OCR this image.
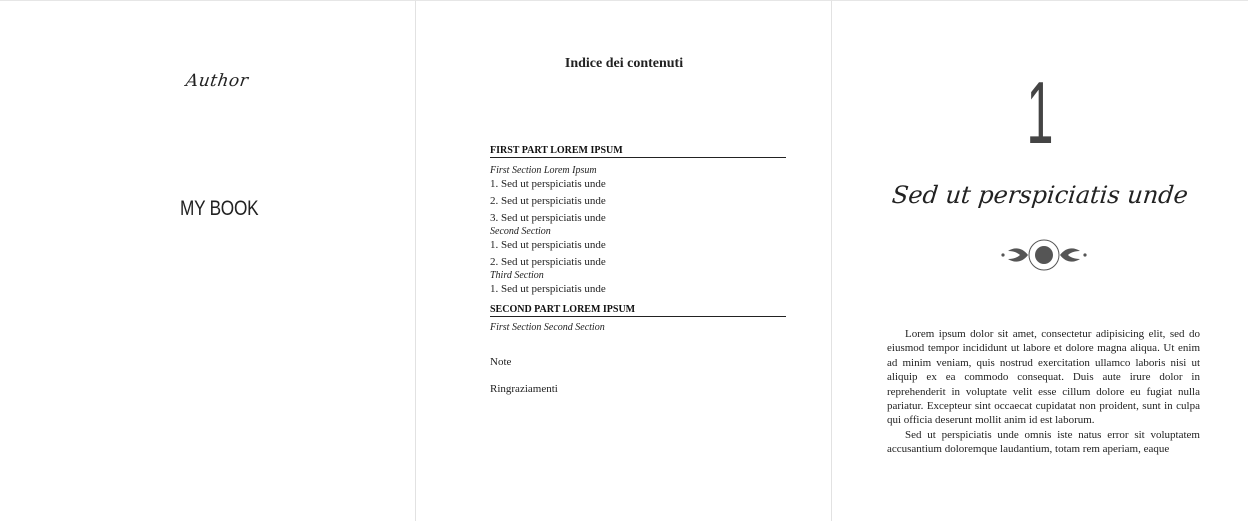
Author
MY BOOK
Indice dei contenuti
FIRST PART LOREM IPSUM
First Section Lorem Ipsum
1. Sed ut perspiciatis unde
2. Sed ut perspiciatis unde
3. Sed ut perspiciatis unde
Second Section
1. Sed ut perspiciatis unde
2. Sed ut perspiciatis unde
Third Section
1. Sed ut perspiciatis unde
SECOND PART LOREM IPSUM
First Section Second Section
Note
Ringraziamenti
1
Sed ut perspiciatis unde

Lorem ipsum dolor sit amet, consectetur adipisicing elit, sed do eiusmod tempor incididunt ut labore et dolore magna aliqua. Ut enim ad minim veniam, quis nostrud exercitation ullamco laboris nisi ut aliquip ex ea commodo consequat. Duis aute irure dolor in reprehenderit in voluptate velit esse cillum dolore eu fugiat nulla pariatur. Excepteur sint occaecat cupidatat non proident, sunt in culpa qui officia deserunt mollit anim id est laborum.

Sed ut perspiciatis unde omnis iste natus error sit voluptatem accusantium doloremque laudantium, totam rem aperiam, eaque
